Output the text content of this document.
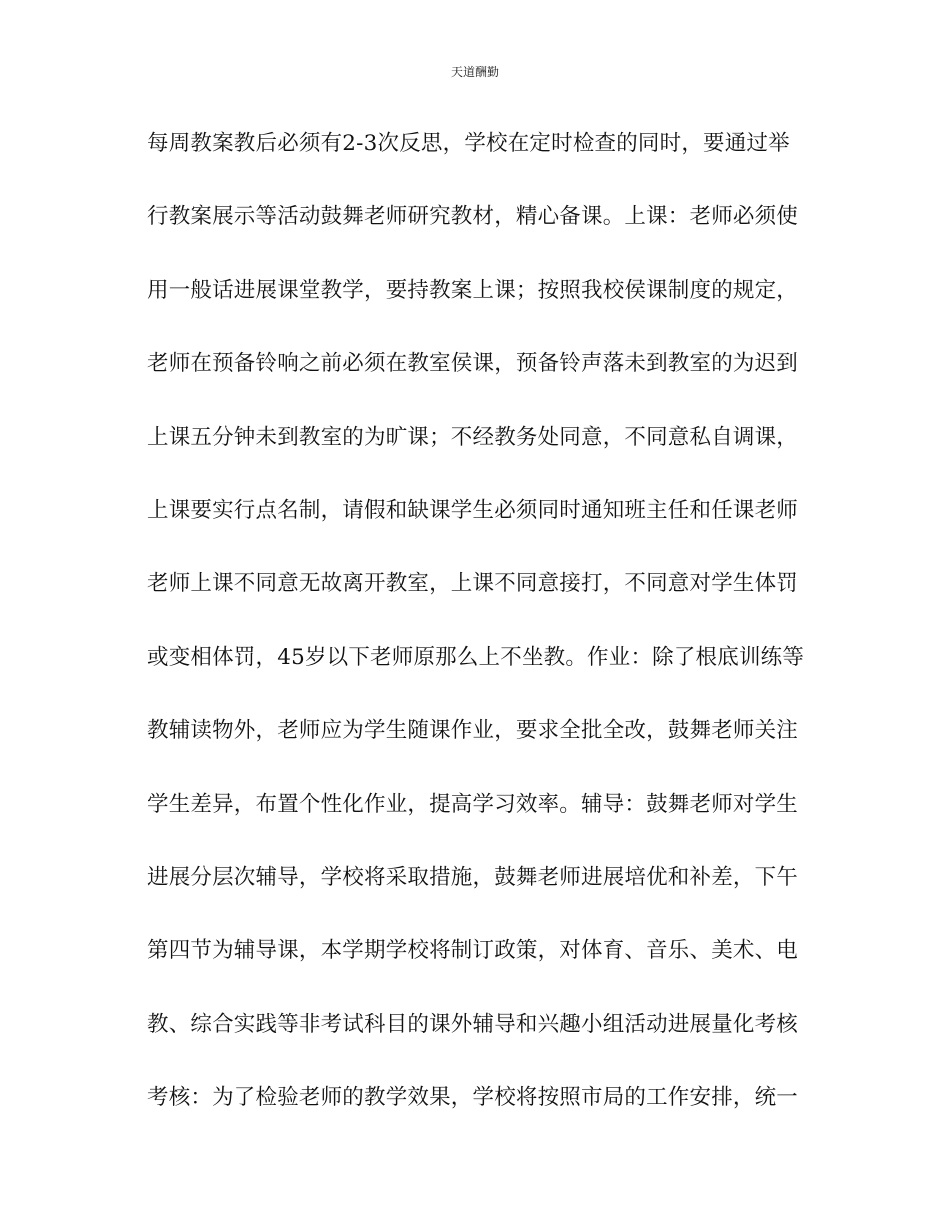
天道酬勤
每周教案教后必须有2-3次反思，学校在定时检查的同时，要通过举
行教案展示等活动鼓舞老师研究教材，精心备课。上课：老师必须使
用一般话进展课堂教学，要持教案上课；按照我校侯课制度的规定，
老师在预备铃响之前必须在教室侯课，预备铃声落未到教室的为迟到
上课五分钟未到教室的为旷课；不经教务处同意，不同意私自调课，
上课要实行点名制，请假和缺课学生必须同时通知班主任和任课老师
老师上课不同意无故离开教室，上课不同意接打，不同意对学生体罚
或变相体罚，45岁以下老师原那么上不坐教。作业：除了根底训练等
教辅读物外，老师应为学生随课作业，要求全批全改，鼓舞老师关注
学生差异，布置个性化作业，提高学习效率。辅导：鼓舞老师对学生
进展分层次辅导，学校将采取措施，鼓舞老师进展培优和补差，下午
第四节为辅导课，本学期学校将制订政策，对体育、音乐、美术、电
教、综合实践等非考试科目的课外辅导和兴趣小组活动进展量化考核
考核：为了检验老师的教学效果，学校将按照市局的工作安排，统一
